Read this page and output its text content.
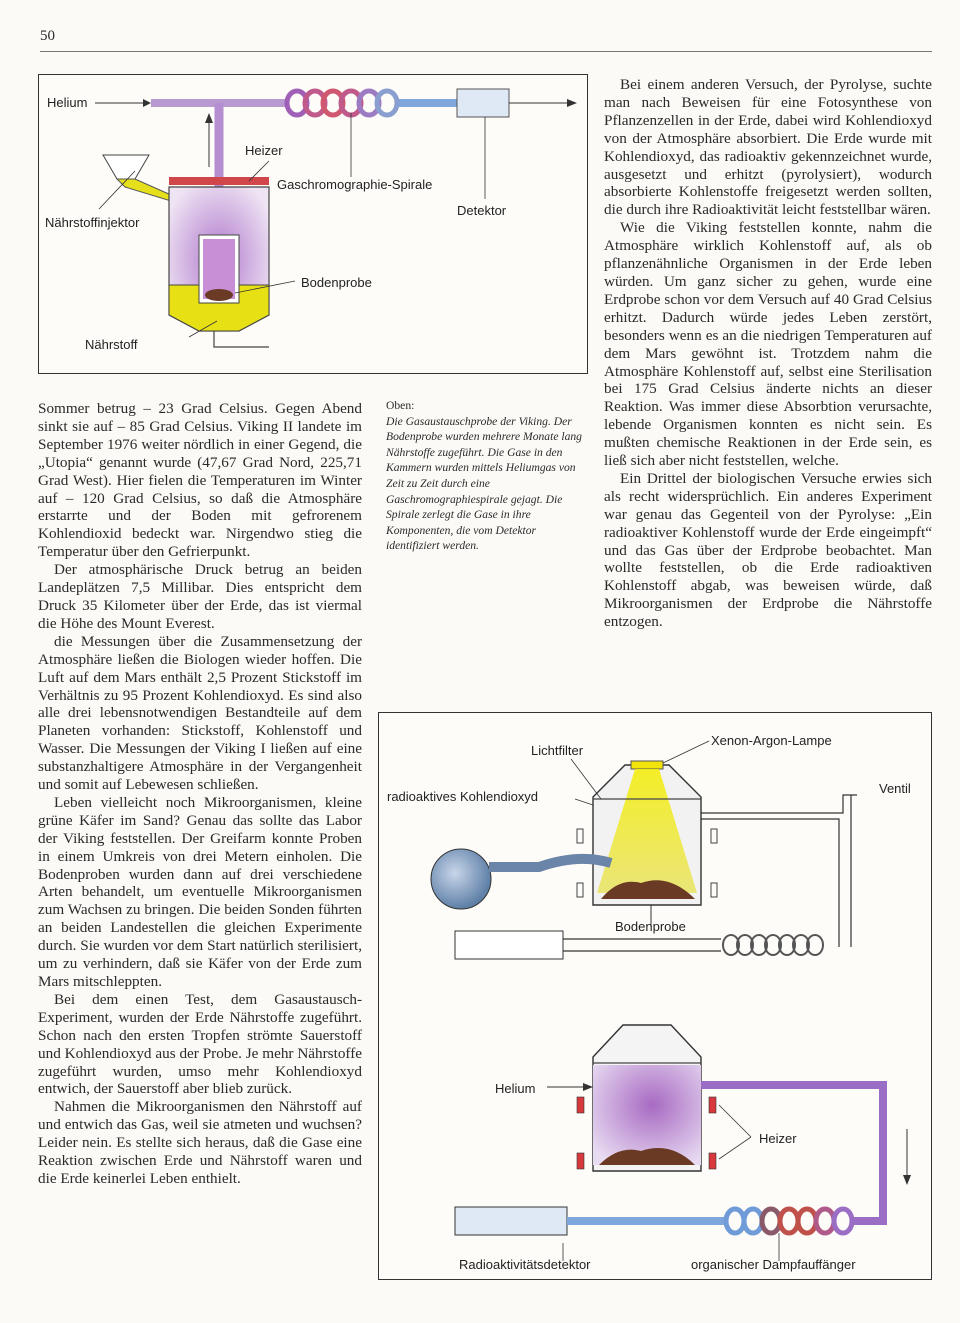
50
Helium
Heizer
Gaschromographie-Spirale
Detektor
Nährstoffinjektor
Bodenprobe
Nährstoff
Oben:
Die Gasaustauschprobe der Viking. Der Bodenprobe wurden mehrere Monate lang Nährstoffe zugeführt. Die Gase in den Kammern wurden mittels Heliumgas von Zeit zu Zeit durch eine Gaschromographiespirale gejagt. Die Spirale zerlegt die Gase in ihre Komponenten, die vom Detektor identifiziert werden.

Sommer betrug – 23 Grad Celsius. Gegen Abend sinkt sie auf – 85 Grad Celsius. Viking II landete im September 1976 weiter nördlich in einer Gegend, die „Utopia“ genannt wurde (47,67 Grad Nord, 225,71 Grad West). Hier fielen die Temperaturen im Winter auf – 120 Grad Celsius, so daß die Atmosphäre erstarrte und der Boden mit gefrorenem Kohlendioxid bedeckt war. Nirgendwo stieg die Temperatur über den Gefrierpunkt.

Der atmosphärische Druck betrug an beiden Landeplätzen 7,5 Millibar. Dies entspricht dem Druck 35 Kilometer über der Erde, das ist viermal die Höhe des Mount Everest.

die Messungen über die Zusammensetzung der Atmosphäre ließen die Biologen wieder hoffen. Die Luft auf dem Mars enthält 2,5 Prozent Stickstoff im Verhältnis zu 95 Prozent Kohlendioxyd. Es sind also alle drei lebensnotwendigen Bestandteile auf dem Planeten vorhanden: Stickstoff, Kohlenstoff und Wasser. Die Messungen der Viking I ließen auf eine substanzhaltigere Atmosphäre in der Vergangenheit und somit auf Lebewesen schließen.

Leben vielleicht noch Mikroorganismen, kleine grüne Käfer im Sand? Genau das sollte das Labor der Viking feststellen. Der Greifarm konnte Proben in einem Umkreis von drei Metern einholen. Die Bodenproben wurden dann auf drei verschiedene Arten behandelt, um eventuelle Mikroorganismen zum Wachsen zu bringen. Die beiden Sonden führten an beiden Landestellen die gleichen Experimente durch. Sie wurden vor dem Start natürlich sterilisiert, um zu verhindern, daß sie Käfer von der Erde zum Mars mitschleppten.

Bei dem einen Test, dem Gasaustausch-Experiment, wurden der Erde Nährstoffe zugeführt. Schon nach den ersten Tropfen strömte Sauerstoff und Kohlendioxyd aus der Probe. Je mehr Nährstoffe zugeführt wurden, umso mehr Kohlendioxyd entwich, der Sauerstoff aber blieb zurück.

Nahmen die Mikroorganismen den Nährstoff auf und entwich das Gas, weil sie atmeten und wuchsen? Leider nein. Es stellte sich heraus, daß die Gase eine Reaktion zwischen Erde und Nährstoff waren und die Erde keinerlei Leben enthielt.

Bei einem anderen Versuch, der Pyrolyse, suchte man nach Beweisen für eine Fotosynthese von Pflanzenzellen in der Erde, dabei wird Kohlendioxyd von der Atmosphäre absorbiert. Die Erde wurde mit Kohlendioxyd, das radioaktiv gekennzeichnet wurde, ausgesetzt und erhitzt (pyrolysiert), wodurch absorbierte Kohlenstoffe freigesetzt werden sollten, die durch ihre Radioaktivität leicht feststellbar wären.

Wie die Viking feststellen konnte, nahm die Atmosphäre wirklich Kohlenstoff auf, als ob pflanzenähnliche Organismen in der Erde leben würden. Um ganz sicher zu gehen, wurde eine Erdprobe schon vor dem Versuch auf 40 Grad Celsius erhitzt. Dadurch würde jedes Leben zerstört, besonders wenn es an die niedrigen Temperaturen auf dem Mars gewöhnt ist. Trotzdem nahm die Atmosphäre Kohlenstoff auf, selbst eine Sterilisation bei 175 Grad Celsius änderte nichts an dieser Reaktion. Was immer diese Absorbtion verursachte, lebende Organismen konnten es nicht sein. Es mußten chemische Reaktionen in der Erde sein, es ließ sich aber nicht feststellen, welche.

Ein Drittel der biologischen Versuche erwies sich als recht widersprüchlich. Ein anderes Experiment war genau das Gegenteil von der Pyrolyse: „Ein radioaktiver Kohlenstoff wurde der Erde eingeimpft“ und das Gas über der Erdprobe beobachtet. Man wollte feststellen, ob die Erde radioaktiven Kohlenstoff abgab, was beweisen würde, daß Mikroorganismen der Erdprobe die Nährstoffe entzogen.

Xenon-Argon-Lampe
Lichtfilter
radioaktives Kohlendioxyd
Ventil
Bodenprobe
Helium
Heizer
Radioaktivitätsdetektor	organischer Dampfauffänger
